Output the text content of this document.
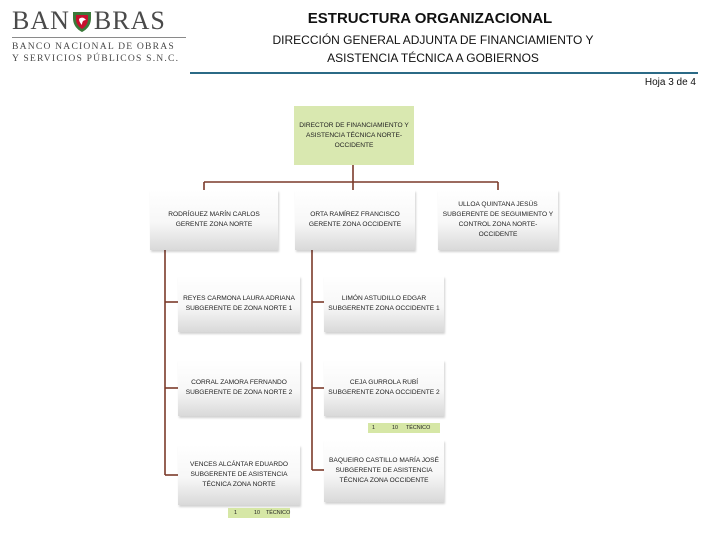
BAN BRAS
BANCO NACIONAL DE OBRAS
Y SERVICIOS PÚBLICOS S.N.C.
ESTRUCTURA ORGANIZACIONAL
DIRECCIÓN GENERAL ADJUNTA DE FINANCIAMIENTO Y
ASISTENCIA TÉCNICA A GOBIERNOS
Hoja 3 de 4
DIRECTOR DE FINANCIAMIENTO Y
ASISTENCIA TÉCNICA NORTE-
OCCIDENTE
RODRÍGUEZ MARÍN CARLOS
GERENTE ZONA NORTE
ORTA RAMÍREZ FRANCISCO
GERENTE ZONA OCCIDENTE
ULLOA QUINTANA JESÚS
SUBGERENTE DE SEGUIMIENTO Y
CONTROL ZONA NORTE-OCCIDENTE
REYES CARMONA LAURA ADRIANA
SUBGERENTE DE ZONA NORTE 1
CORRAL ZAMORA FERNANDO
SUBGERENTE DE ZONA NORTE 2
VENCES ALCÁNTAR EDUARDO
SUBGERENTE DE ASISTENCIA
TÉCNICA ZONA NORTE
1	10 TÉCNICO
LIMÓN ASTUDILLO EDGAR
SUBGERENTE ZONA OCCIDENTE 1
CEJA GURROLA RUBÍ
SUBGERENTE ZONA OCCIDENTE 2
1	10 TÉCNICO
BAQUEIRO CASTILLO MARÍA JOSÉ
SUBGERENTE DE ASISTENCIA
TÉCNICA ZONA OCCIDENTE
